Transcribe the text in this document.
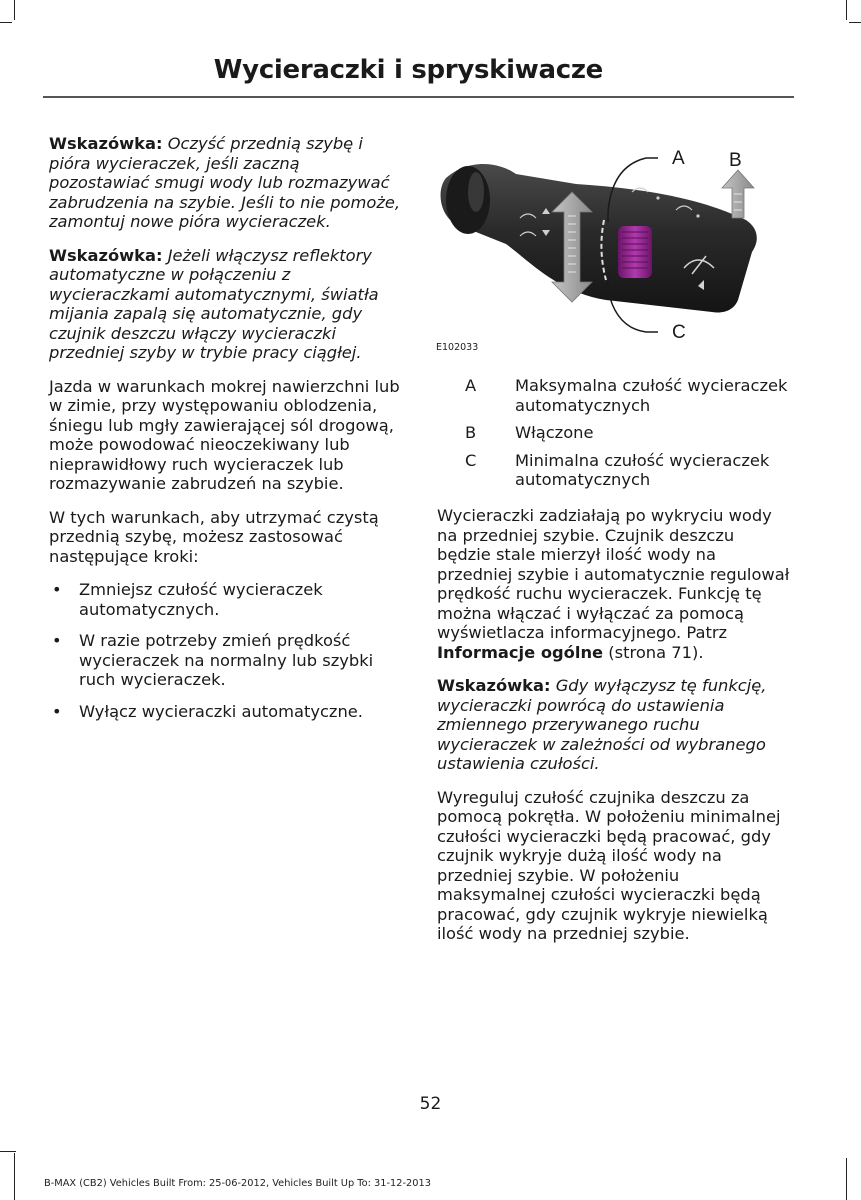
Wycieraczki i spryskiwacze

Wskazówka: Oczyść przednią szybę i pióra wycieraczek, jeśli zaczną pozostawiać smugi wody lub rozmazywać zabrudzenia na szybie. Jeśli to nie pomoże, zamontuj nowe pióra wycieraczek.

Wskazówka: Jeżeli włączysz reflektory automatyczne w połączeniu z wycieraczkami automatycznymi, światła mijania zapalą się automatycznie, gdy czujnik deszczu włączy wycieraczki przedniej szyby w trybie pracy ciągłej.

Jazda w warunkach mokrej nawierzchni lub w zimie, przy występowaniu oblodzenia, śniegu lub mgły zawierającej sól drogową, może powodować nieoczekiwany lub nieprawidłowy ruch wycieraczek lub rozmazywanie zabrudzeń na szybie.

W tych warunkach, aby utrzymać czystą przednią szybę, możesz zastosować następujące kroki:

• Zmniejsz czułość wycieraczek automatycznych.
• W razie potrzeby zmień prędkość wycieraczek na normalny lub szybki ruch wycieraczek.
• Wyłącz wycieraczki automatyczne.
A B
C
E102033
A	Maksymalna czułość wycieraczek automatycznych
B	Włączone
C	Minimalna czułość wycieraczek automatycznych

Wycieraczki zadziałają po wykryciu wody na przedniej szybie. Czujnik deszczu będzie stale mierzył ilość wody na przedniej szybie i automatycznie regulował prędkość ruchu wycieraczek. Funkcję tę można włączać i wyłączać za pomocą wyświetlacza informacyjnego. Patrz Informacje ogólne (strona 71).

Wskazówka: Gdy wyłączysz tę funkcję, wycieraczki powrócą do ustawienia zmiennego przerywanego ruchu wycieraczek w zależności od wybranego ustawienia czułości.

Wyreguluj czułość czujnika deszczu za pomocą pokrętła. W położeniu minimalnej czułości wycieraczki będą pracować, gdy czujnik wykryje dużą ilość wody na przedniej szybie. W położeniu maksymalnej czułości wycieraczki będą pracować, gdy czujnik wykryje niewielką ilość wody na przedniej szybie.

52
B-MAX (CB2) Vehicles Built From: 25-06-2012, Vehicles Built Up To: 31-12-2013
